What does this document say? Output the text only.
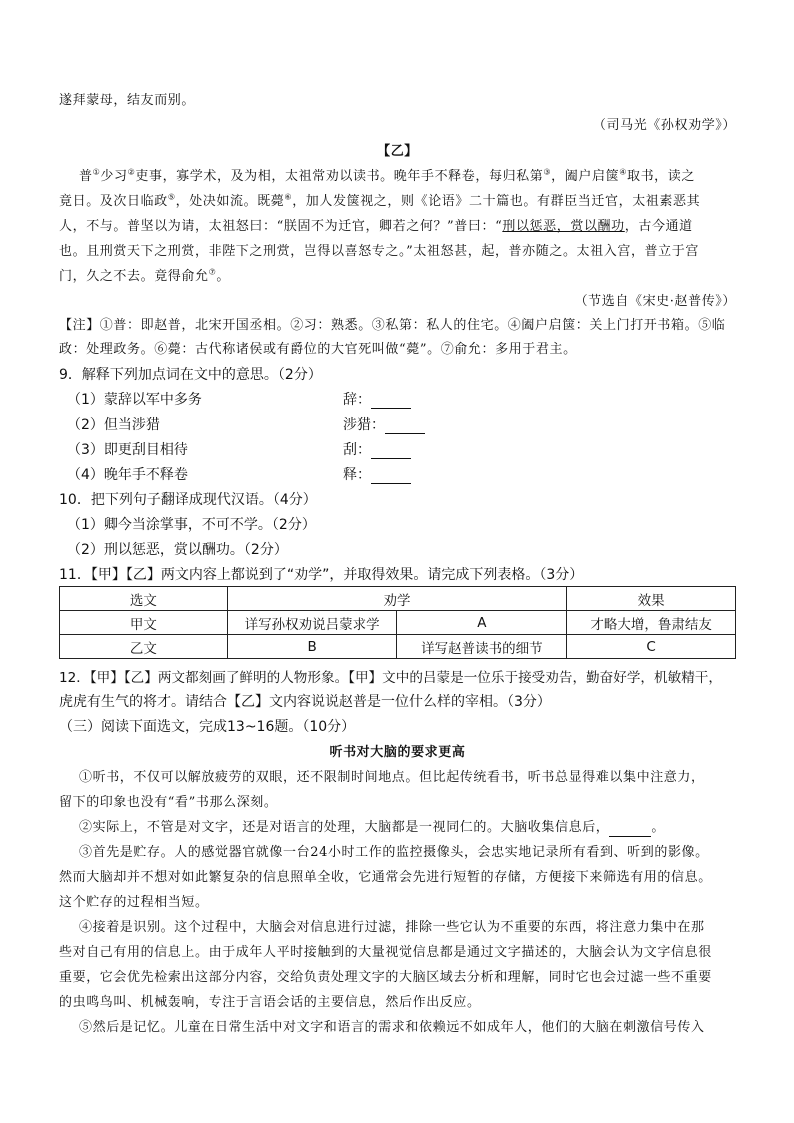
遂拜蒙母，结友而别。
（司马光《孙权劝学》）
【乙】
普①少习②吏事，寡学术，及为相，太祖常劝以读书。晚年手不释卷，每归私第③，阖户启箧④取书，读之
竟日。及次日临政⑤，处决如流。既薨⑥，加人发箧视之，则《论语》二十篇也。有群臣当迁官，太祖素恶其
人，不与。普坚以为请，太祖怒曰：“朕固不为迁官，卿若之何？”普曰：“刑以惩恶，赏以酬功，古今通道
也。且刑赏天下之刑赏，非陛下之刑赏，岂得以喜怒专之。”太祖怒甚，起，普亦随之。太祖入宫，普立于宫
门，久之不去。竟得俞允⑦。
（节选自《宋史·赵普传》）
【注】①普：即赵普，北宋开国丞相。②习：熟悉。③私第：私人的住宅。④阖户启箧：关上门打开书箱。⑤临
政：处理政务。⑥薨：古代称诸侯或有爵位的大官死叫做“薨”。⑦俞允：多用于君主。
9．解释下列加点词在文中的意思。（2分）
（1）蒙辞以军中多务	辞：
（2）但当涉猎	涉猎：
（3）即更刮目相待	刮：
（4）晚年手不释卷	释：
10．把下列句子翻译成现代汉语。（4分）
（1）卿今当涂掌事，不可不学。（2分）
（2）刑以惩恶，赏以酬功。（2分）
11．【甲】【乙】两文内容上都说到了“劝学”，并取得效果。请完成下列表格。（3分）
选文	劝学		效果
甲文	详写孙权劝说吕蒙求学	A	才略大增，鲁肃结友
乙文	B	详写赵普读书的细节	C
12．【甲】【乙】两文都刻画了鲜明的人物形象。【甲】文中的吕蒙是一位乐于接受劝告，勤奋好学，机敏精干，
虎虎有生气的将才。请结合【乙】文内容说说赵普是一位什么样的宰相。（3分）
（三）阅读下面选文，完成13~16题。（10分）
听书对大脑的要求更高
①听书，不仅可以解放疲劳的双眼，还不限制时间地点。但比起传统看书，听书总显得难以集中注意力，
留下的印象也没有“看”书那么深刻。
②实际上，不管是对文字，还是对语言的处理，大脑都是一视同仁的。大脑收集信息后，	。
③首先是贮存。人的感觉器官就像一台24小时工作的监控摄像头，会忠实地记录所有看到、听到的影像。
然而大脑却并不想对如此繁复杂的信息照单全收，它通常会先进行短暂的存储，方便接下来筛选有用的信息。
这个贮存的过程相当短。
④接着是识别。这个过程中，大脑会对信息进行过滤，排除一些它认为不重要的东西，将注意力集中在那
些对自己有用的信息上。由于成年人平时接触到的大量视觉信息都是通过文字描述的，大脑会认为文字信息很
重要，它会优先检索出这部分内容，交给负责处理文字的大脑区域去分析和理解，同时它也会过滤一些不重要
的虫鸣鸟叫、机械轰响，专注于言语会话的主要信息，然后作出反应。
⑤然后是记忆。儿童在日常生活中对文字和语言的需求和依赖远不如成年人，他们的大脑在刺激信号传入
